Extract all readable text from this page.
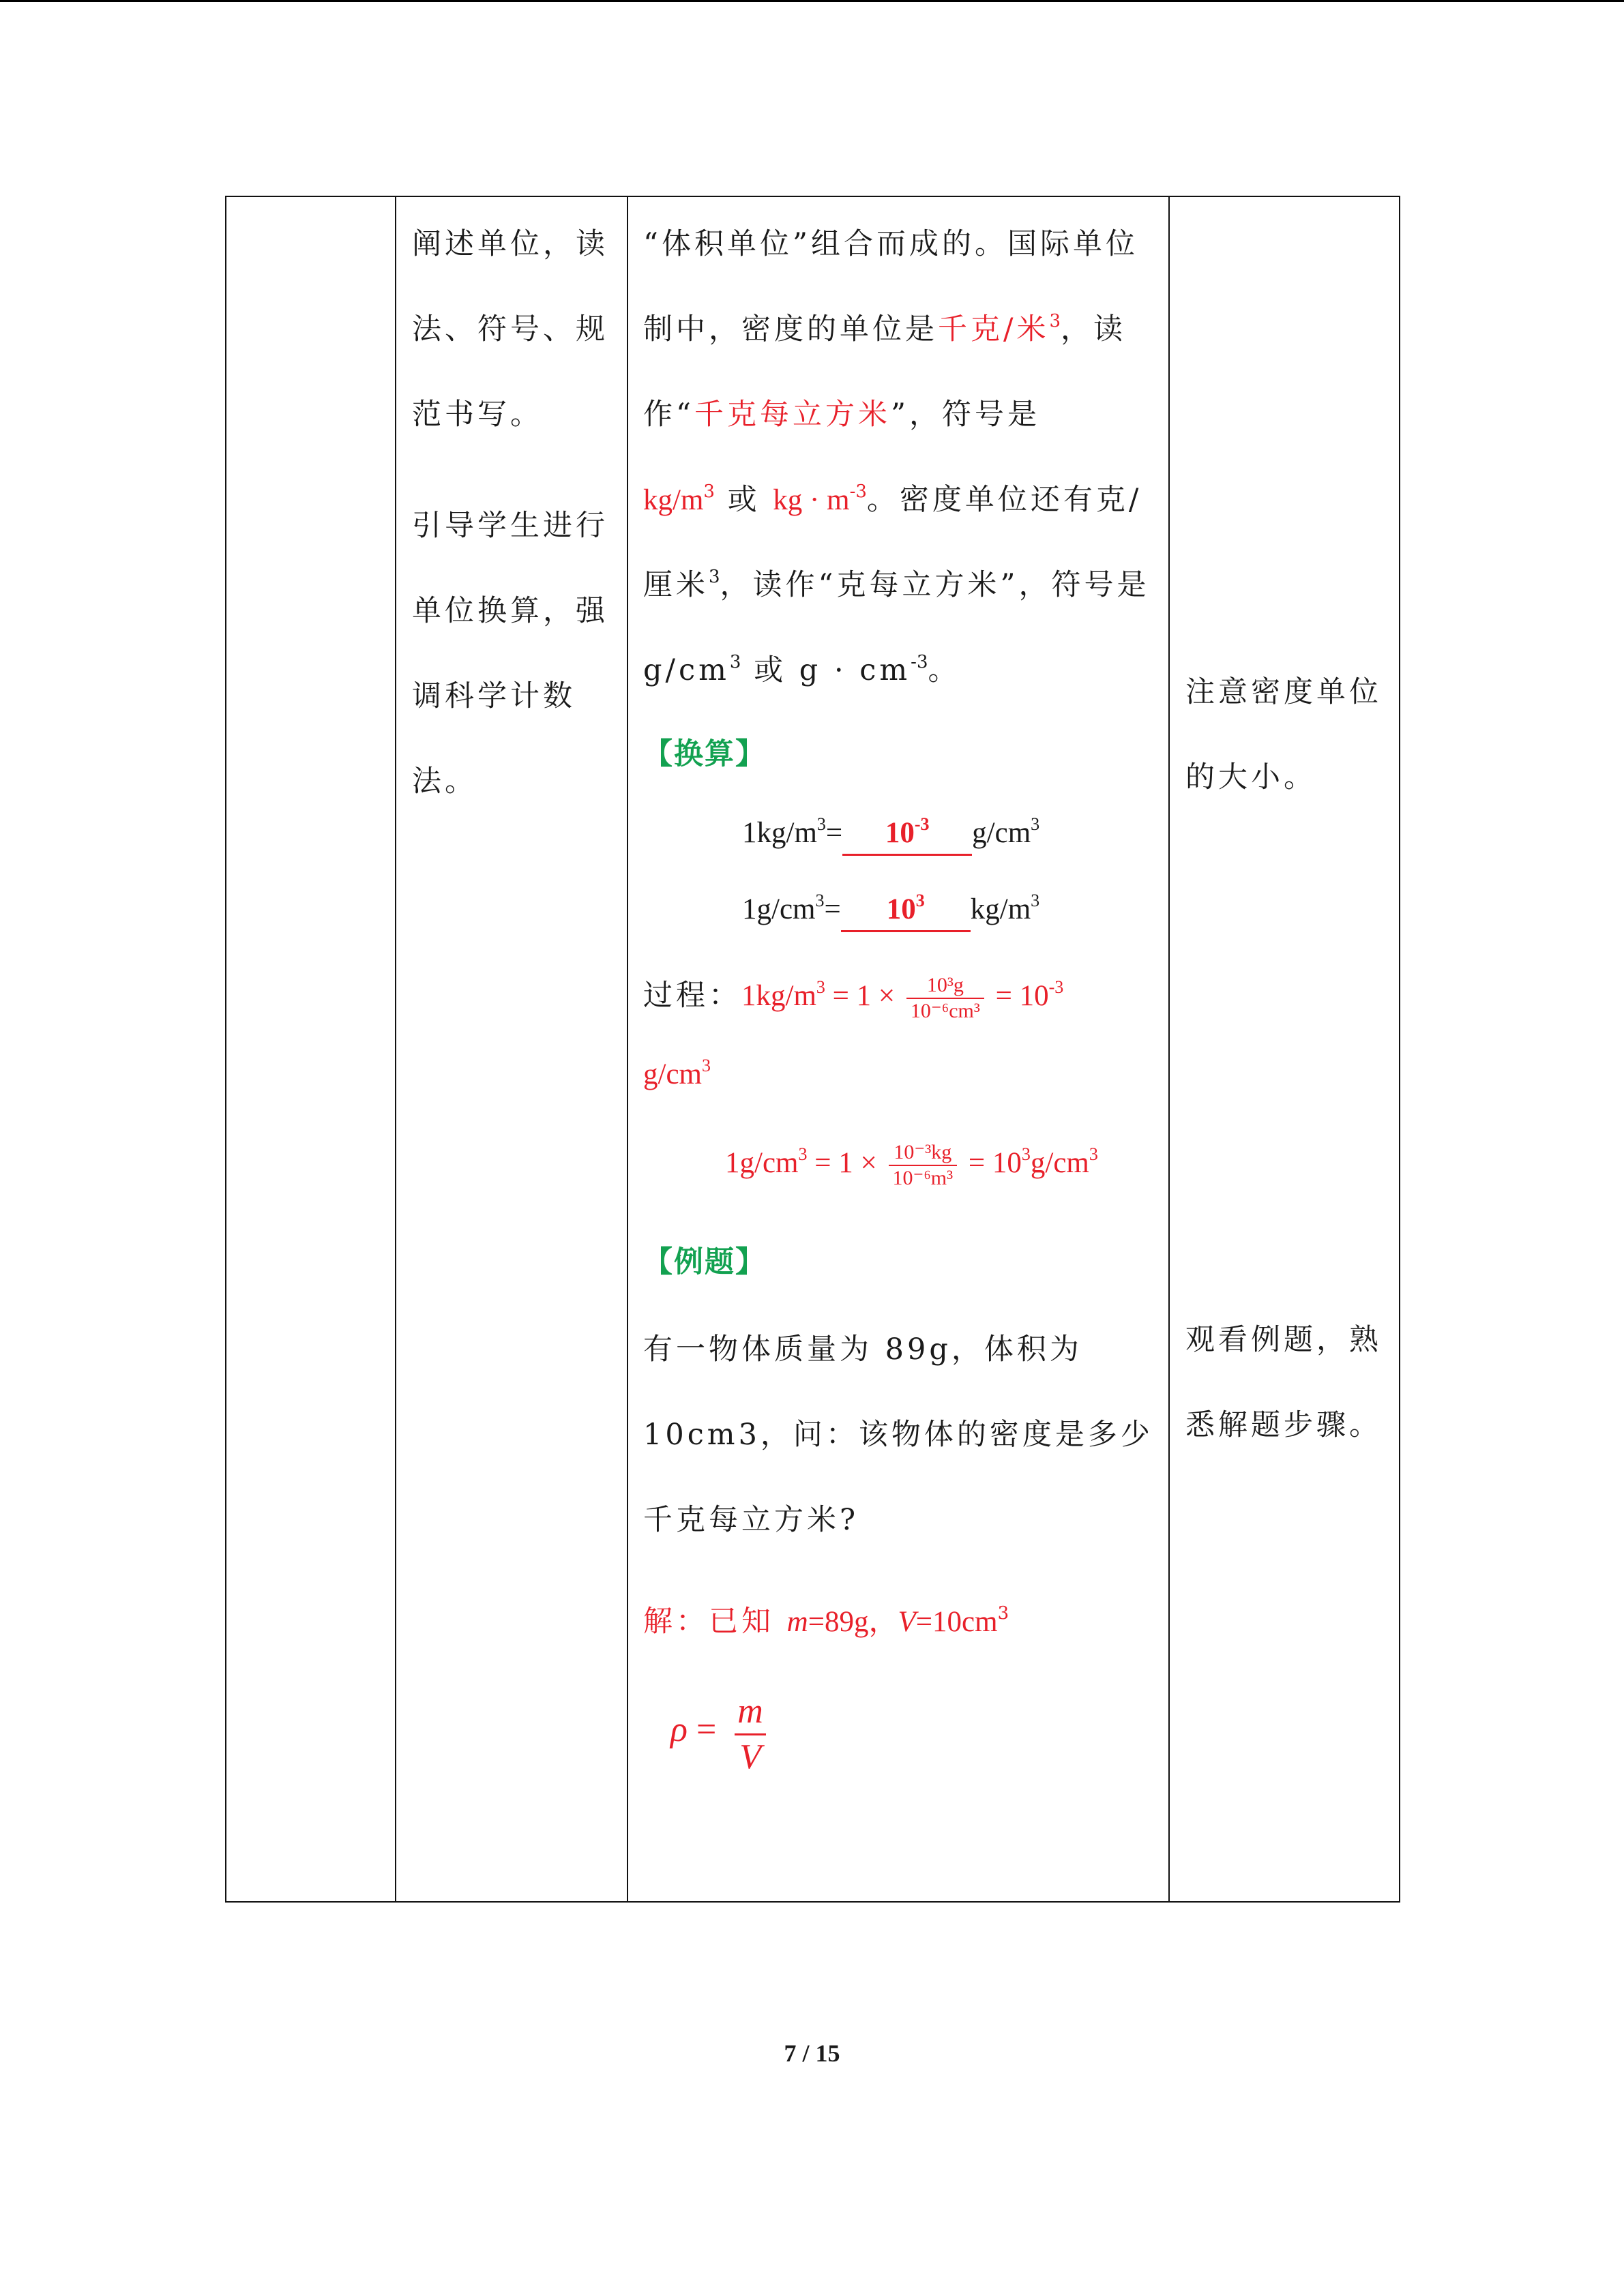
阐述单位，读法、符号、规范书写。

引导学生进行单位换算，强调科学计数法。

“体积单位”组合而成的。国际单位制中，密度的单位是千克/米$^3$，读作“千克每立方米”，符号是
$kg/m^3$ 或 kg · $m^{-3}$。密度单位还有克/厘米$^3$，读作“克每立方米”，符号是 $g/cm^3$ 或 $g \cdot cm^{-3}$。

【换算】

$1kg/m^3= 10^{-3}$ $g/cm^3$

$1g/cm^3= 10^3$ $kg/m^3$

过程：$1kg/m^3 = 1 \times \frac{\text{10³g}}{\text{10⁻⁶cm³}} = 10^{-3}$

$g/cm^3$

$1g/cm^3 = 1 \times \frac{\text{10⁻³kg}}{\text{10⁻⁶m³}} = 10^3g/cm^3$

【例题】

有一物体质量为 89g，体积为 10cm3，问：该物体的密度是多少千克每立方米?

解：已知 m=89g，$V=10cm^3$

$\rho = \frac{m}{V}$

注意密度单位的大小。

观看例题，熟悉解题步骤。

7 / 15
